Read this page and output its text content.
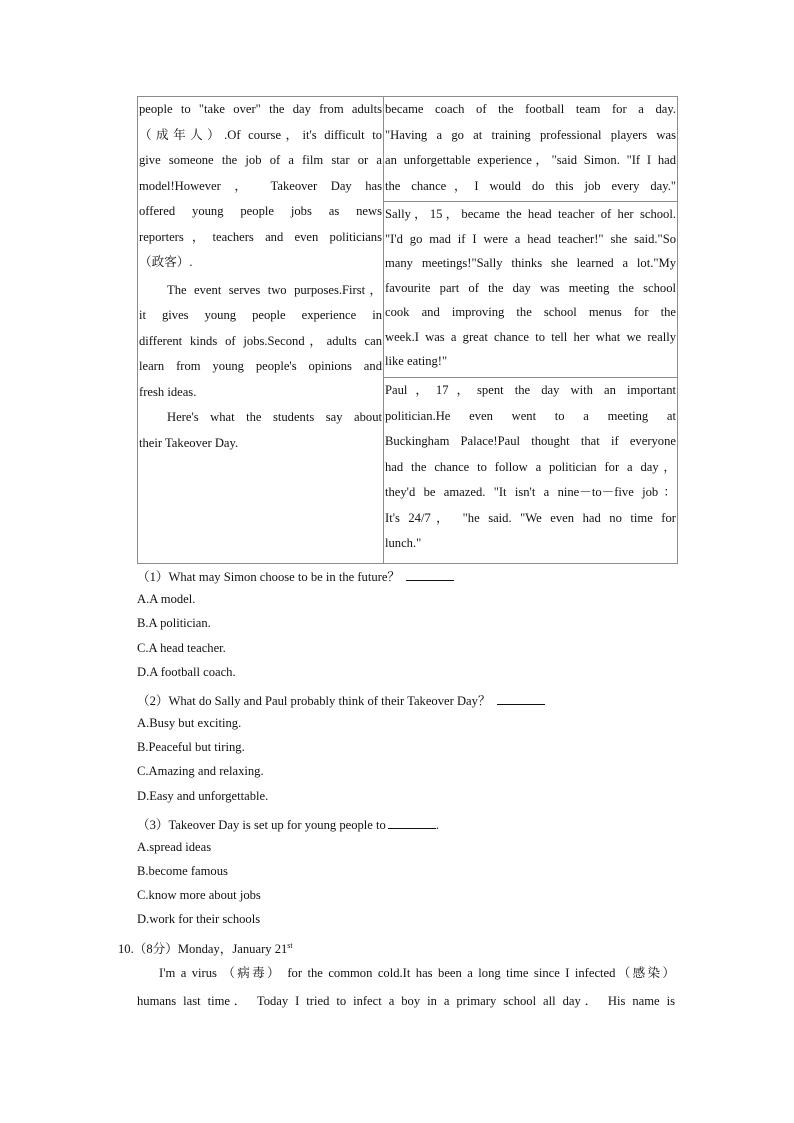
people to "take over" the day from adults

（成年人）.Of course，it's difficult to

give someone the job of a film star or a

model!However ， Takeover Day has

offered young people jobs as news

reporters，teachers and even politicians

（政客）.

The event serves two purposes.First，

it gives young people experience in

different kinds of jobs.Second，adults can

learn from young people's opinions and

fresh ideas.

Here's what the students say about

their Takeover Day.

became coach of the football team for a day.

"Having a go at training professional players was

an unforgettable experience，"said Simon. "If I had

the chance，I would do this job every day."

Sally，15，became the head teacher of her school.

"I'd go mad if I were a head teacher!" she said."So

many meetings!"Sally thinks she learned a lot."My

favourite part of the day was meeting the school

cook and improving the school menus for the

week.I was a great chance to tell her what we really

like eating!"

Paul，17，spent the day with an important

politician.He even went to a meeting at

Buckingham Palace!Paul thought that if everyone

had the chance to follow a politician for a day，

they'd be amazed. "It isn't a nine－to－five job：

It's 24/7， "he said. "We even had no time for

lunch."

（1）What may Simon choose to be in the future？

A.A model.

B.A politician.

C.A head teacher.

D.A football coach.

（2）What do Sally and Paul probably think of their Takeover Day？

A.Busy but exciting.

B.Peaceful but tiring.

C.Amazing and relaxing.

D.Easy and unforgettable.

（3）Takeover Day is set up for young people to	.

A.spread ideas

B.become famous

C.know more about jobs

D.work for their schools

10.（8分）Monday，January 21st

I'm a virus （病毒） for the common cold.It has been a long time since I infected（感染）

humans last time． Today I tried to infect a boy in a primary school all day． His name is
